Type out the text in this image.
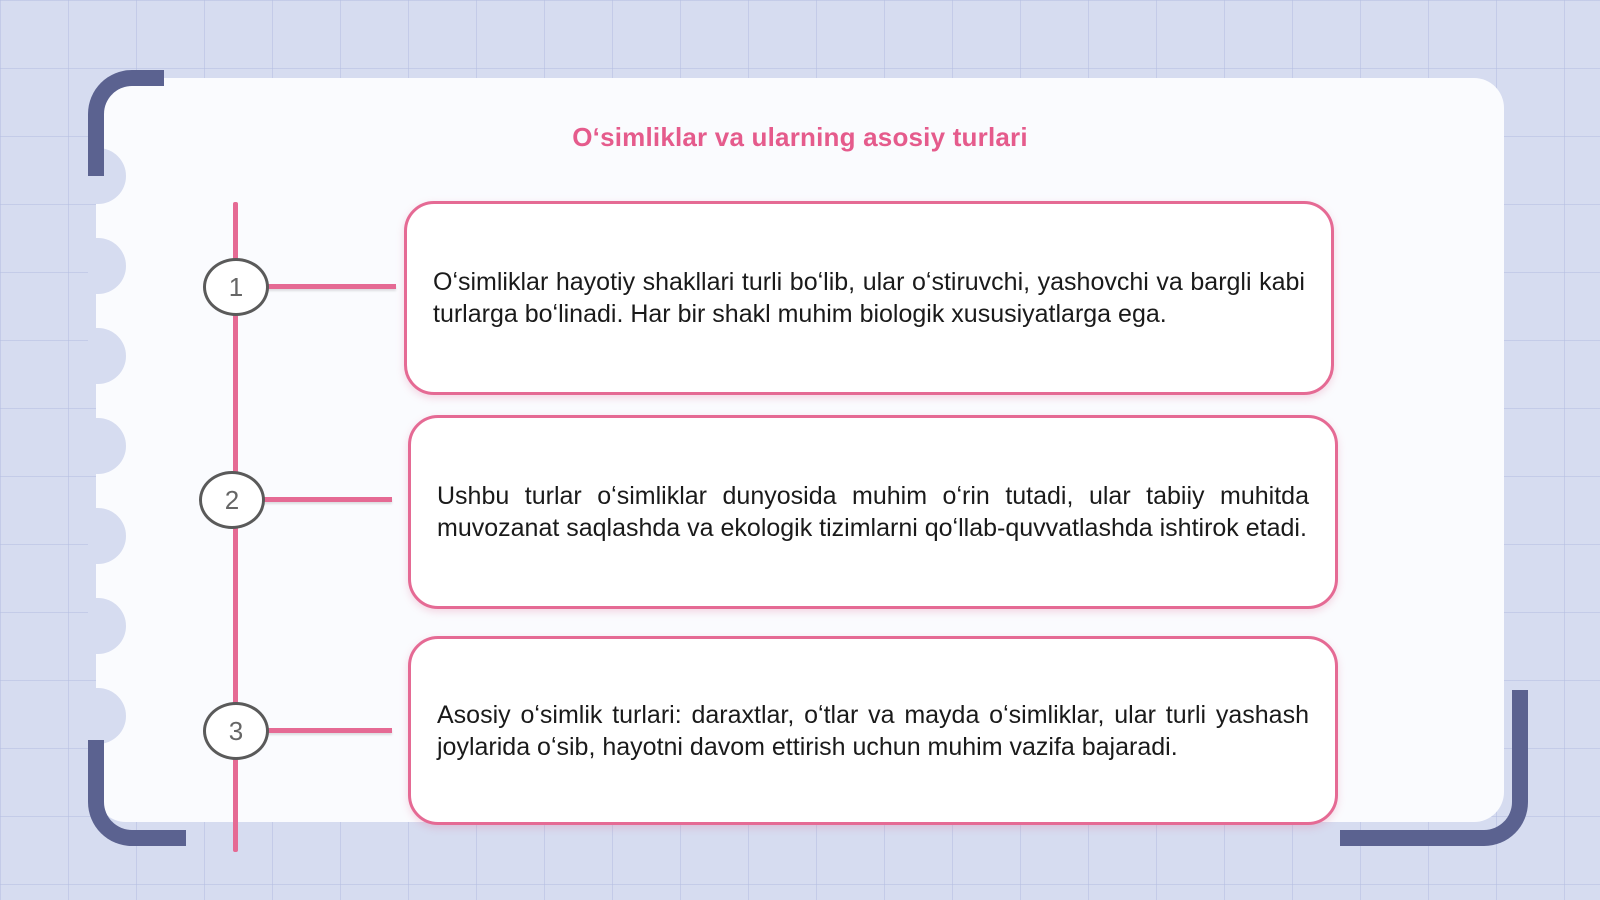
Oʻsimliklar va ularning asosiy turlari
1	Oʻsimliklar hayotiy shakllari turli boʻlib, ular oʻstiruvchi, yashovchi va bargli kabi turlarga boʻlinadi. Har bir shakl muhim biologik xususiyatlarga ega.
2	Ushbu turlar oʻsimliklar dunyosida muhim oʻrin tutadi, ular tabiiy muhitda muvozanat saqlashda va ekologik tizimlarni qoʻllab-quvvatlashda ishtirok etadi.
3
Asosiy oʻsimlik turlari: daraxtlar, oʻtlar va mayda oʻsimliklar, ular turli yashash joylarida oʻsib, hayotni davom ettirish uchun muhim vazifa bajaradi.
